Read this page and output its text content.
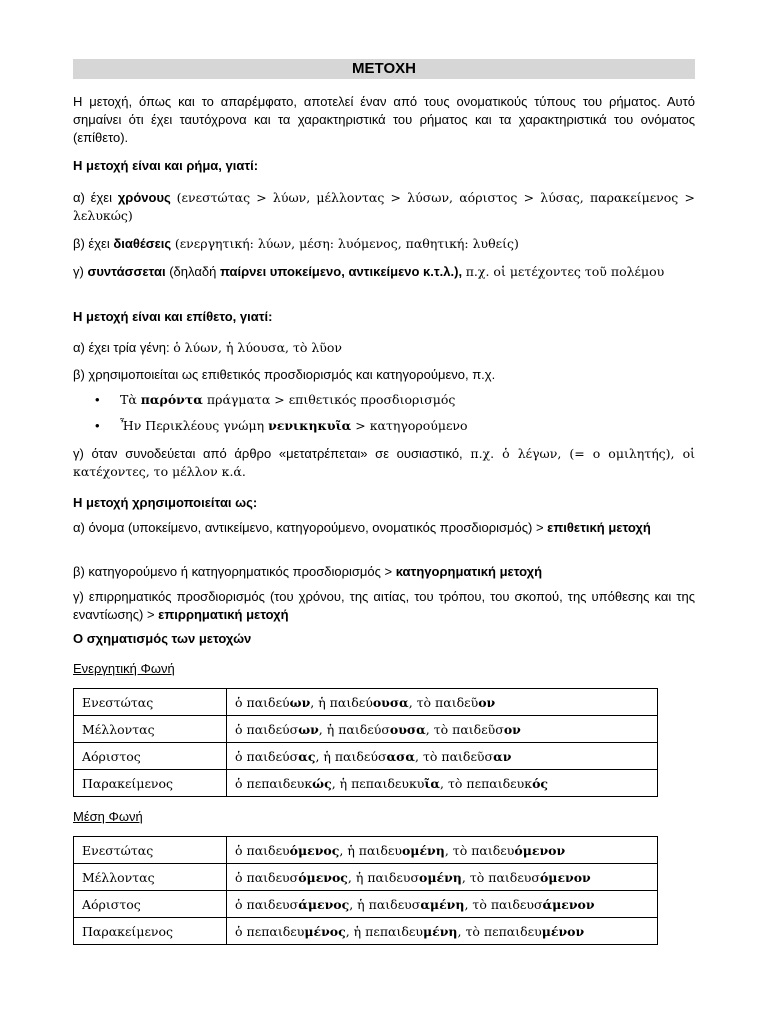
ΜΕΤΟΧΗ
Η μετοχή, όπως και το απαρέμφατο, αποτελεί έναν από τους ονοματικούς τύπους του ρήματος. Αυτό σημαίνει ότι έχει ταυτόχρονα και τα χαρακτηριστικά του ρήματος και τα χαρακτηριστικά του ονόματος (επίθετο).
Η μετοχή είναι και ρήμα, γιατί:
α) έχει χρόνους (ενεστώτας > λύων, μέλλοντας > λύσων, αόριστος > λύσας, παρακείμενος > λελυκώς)
β) έχει διαθέσεις (ενεργητική: λύων, μέση: λυόμενος, παθητική: λυθείς)
γ) συντάσσεται (δηλαδή παίρνει υποκείμενο, αντικείμενο κ.τ.λ.), π.χ. οἱ μετέχοντες τοῦ πολέμου
Η μετοχή είναι και επίθετο, γιατί:
α) έχει τρία γένη: ὁ λύων, ἡ λύουσα, τὸ λῦον
β) χρησιμοποιείται ως επιθετικός προσδιορισμός και κατηγορούμενο, π.χ.
• Τὰ παρόντα πράγματα > επιθετικός προσδιορισμός
• Ἦν Περικλέους γνώμη νενικηκυῖα > κατηγορούμενο
γ) όταν συνοδεύεται από άρθρο «μετατρέπεται» σε ουσιαστικό, π.χ. ὁ λέγων, (= ο ομιλητής), οἱ κατέχοντες, το μέλλον κ.ά.
Η μετοχή χρησιμοποιείται ως:
α) όνομα (υποκείμενο, αντικείμενο, κατηγορούμενο, ονοματικός προσδιορισμός) > επιθετική μετοχή
β) κατηγορούμενο ή κατηγορηματικός προσδιορισμός > κατηγορηματική μετοχή
γ) επιρρηματικός προσδιορισμός (του χρόνου, της αιτίας, του τρόπου, του σκοπού, της υπόθεσης και της εναντίωσης) > επιρρηματική μετοχή
Ο σχηματισμός των μετοχών
Ενεργητική Φωνή
Ενεστώτας	ὁ παιδεύων, ἡ παιδεύουσα, τὸ παιδεῦον
Μέλλοντας	ὁ παιδεύσων, ἡ παιδεύσουσα, τὸ παιδεῦσον
Αόριστος	ὁ παιδεύσας, ἡ παιδεύσασα, τὸ παιδεῦσαν
Παρακείμενος	ὁ πεπαιδευκώς, ἡ πεπαιδευκυῖα, τὸ πεπαιδευκός
Μέση Φωνή
Ενεστώτας	ὁ παιδευόμενος, ἡ παιδευομένη, τὸ παιδευόμενον
Μέλλοντας	ὁ παιδευσόμενος, ἡ παιδευσομένη, τὸ παιδευσόμενον
Αόριστος	ὁ παιδευσάμενος, ἡ παιδευσαμένη, τὸ παιδευσάμενον
Παρακείμενος	ὁ πεπαιδευμένος, ἡ πεπαιδευμένη, τὸ πεπαιδευμένον
